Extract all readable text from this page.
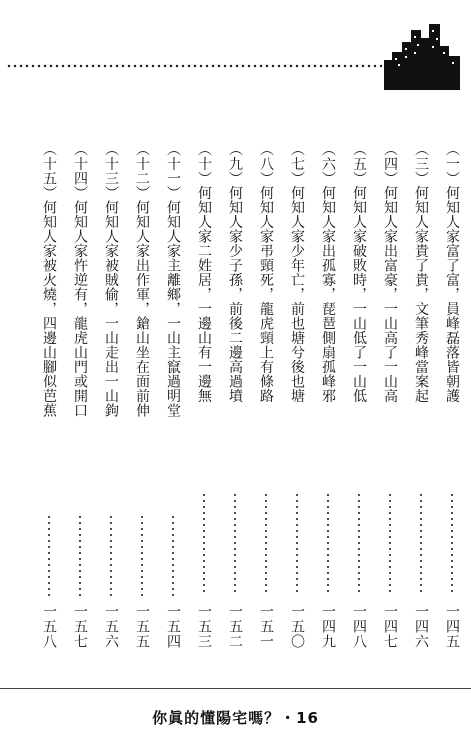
（一）何知人家富了富，員峰磊落皆朝護
一四五
（三）何知人家貴了貴，文筆秀峰當案起
一四六
（四）何知人家出富豪，一山高了一山高
一四七
（五）何知人家破敗時，一山低了一山低
一四八
（六）何知人家出孤寡，琵琶側扇孤峰邪
一四九
（七）何知人家少年亡，前也塘兮後也塘
一五〇
（八）何知人家弔頸死，龍虎頸上有條路
一五一
（九）何知人家少子孫，前後二邊高過墳
一五二
（十）何知人家二姓居，一邊山有一邊無
一五三
（十一）何知人家主離鄉，一山主竄過明堂
一五四
（十二）何知人家出作軍，鎗山坐在面前伸
一五五
（十三）何知人家被賊偷，一山走出一山鉤
一五六
（十四）何知人家忤逆有，龍虎山門或開口
一五七
（十五）何知人家被火燒，四邊山腳似芭蕉
一五八
你眞的懂陽宅嗎？・16
